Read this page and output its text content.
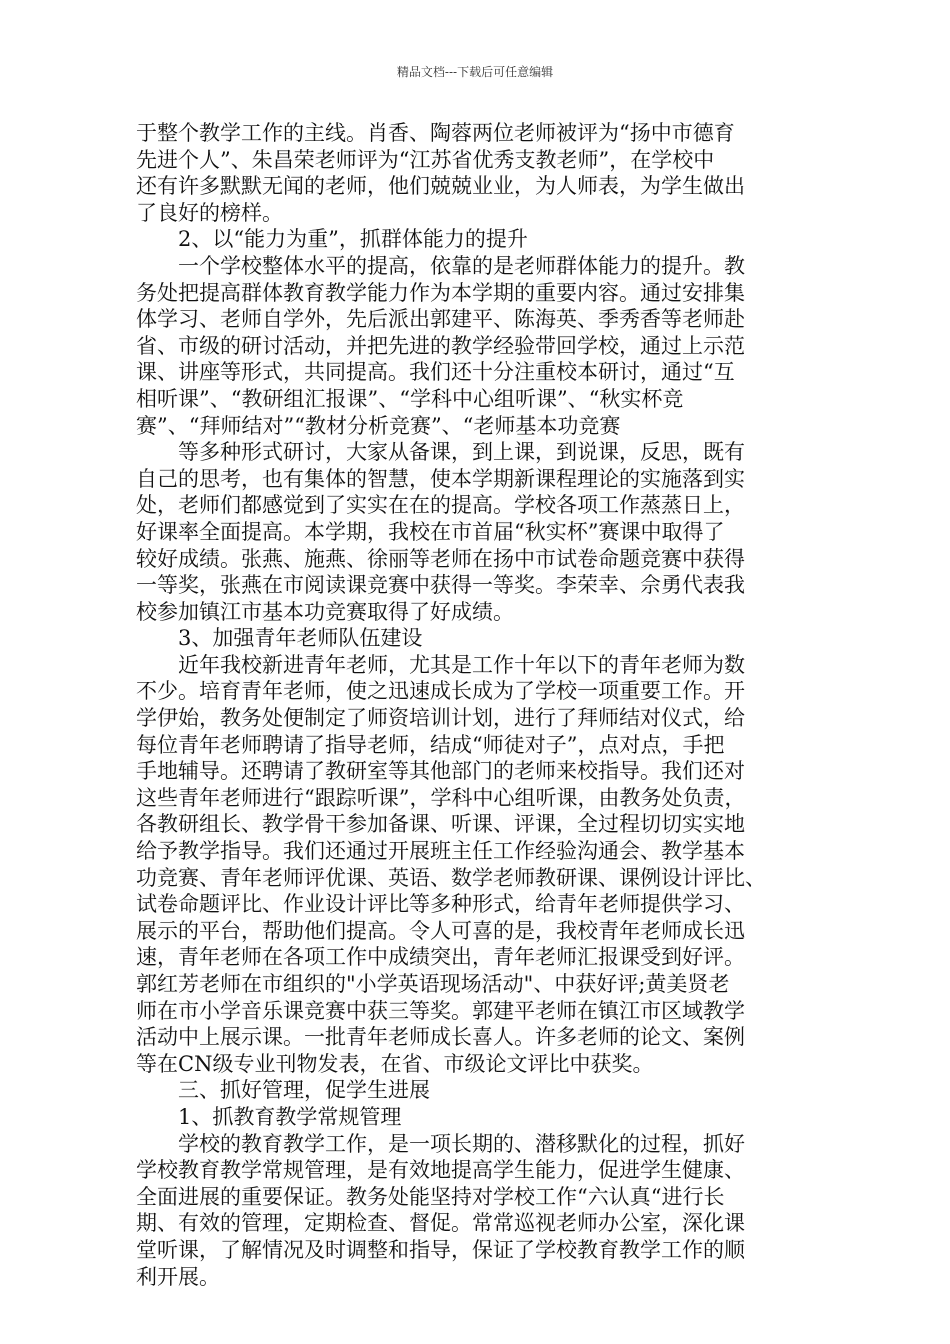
精品文档---下载后可任意编辑
于整个教学工作的主线。肖香、陶蓉两位老师被评为“扬中市德育
先进个人”、朱昌荣老师评为“江苏省优秀支教老师”，在学校中
还有许多默默无闻的老师，他们兢兢业业，为人师表，为学生做出
了良好的榜样。
2、以“能力为重”，抓群体能力的提升
一个学校整体水平的提高，依靠的是老师群体能力的提升。教
务处把提高群体教育教学能力作为本学期的重要内容。通过安排集
体学习、老师自学外，先后派出郭建平、陈海英、季秀香等老师赴
省、市级的研讨活动，并把先进的教学经验带回学校，通过上示范
课、讲座等形式，共同提高。我们还十分注重校本研讨，通过“互
相听课”、“教研组汇报课”、“学科中心组听课”、“秋实杯竞
赛”、“拜师结对”“教材分析竞赛”、“老师基本功竞赛
等多种形式研讨，大家从备课，到上课，到说课，反思，既有
自己的思考，也有集体的智慧，使本学期新课程理论的实施落到实
处，老师们都感觉到了实实在在的提高。学校各项工作蒸蒸日上，
好课率全面提高。本学期，我校在市首届“秋实杯”赛课中取得了
较好成绩。张燕、施燕、徐丽等老师在扬中市试卷命题竞赛中获得
一等奖，张燕在市阅读课竞赛中获得一等奖。李荣幸、佘勇代表我
校参加镇江市基本功竞赛取得了好成绩。
3、加强青年老师队伍建设
近年我校新进青年老师，尤其是工作十年以下的青年老师为数
不少。培育青年老师，使之迅速成长成为了学校一项重要工作。开
学伊始，教务处便制定了师资培训计划，进行了拜师结对仪式，给
每位青年老师聘请了指导老师，结成“师徒对子”，点对点，手把
手地辅导。还聘请了教研室等其他部门的老师来校指导。我们还对
这些青年老师进行“跟踪听课”，学科中心组听课，由教务处负责，
各教研组长、教学骨干参加备课、听课、评课，全过程切切实实地
给予教学指导。我们还通过开展班主任工作经验沟通会、教学基本
功竞赛、青年老师评优课、英语、数学老师教研课、课例设计评比、
试卷命题评比、作业设计评比等多种形式，给青年老师提供学习、
展示的平台，帮助他们提高。令人可喜的是，我校青年老师成长迅
速，青年老师在各项工作中成绩突出，青年老师汇报课受到好评。
郭红芳老师在市组织的"小学英语现场活动"、中获好评;黄美贤老
师在市小学音乐课竞赛中获三等奖。郭建平老师在镇江市区域教学
活动中上展示课。一批青年老师成长喜人。许多老师的论文、案例
等在CN级专业刊物发表，在省、市级论文评比中获奖。
三、抓好管理，促学生进展
1、抓教育教学常规管理
学校的教育教学工作，是一项长期的、潜移默化的过程，抓好
学校教育教学常规管理，是有效地提高学生能力，促进学生健康、
全面进展的重要保证。教务处能坚持对学校工作“六认真“进行长
期、有效的管理，定期检查、督促。常常巡视老师办公室，深化课
堂听课，了解情况及时调整和指导，保证了学校教育教学工作的顺
利开展。
